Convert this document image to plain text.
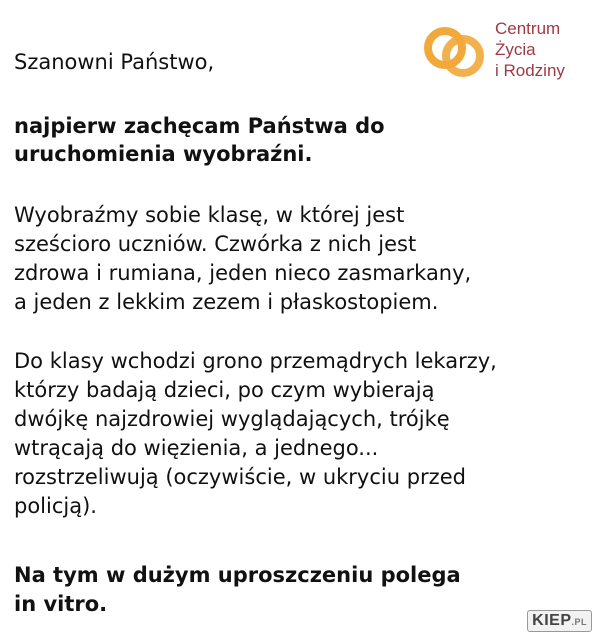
Centrum
Życia
i Rodziny

Szanowni Państwo,

najpierw zachęcam Państwa do

uruchomienia wyobraźni.

Wyobraźmy sobie klasę, w której jest

sześcioro uczniów. Czwórka z nich jest

zdrowa i rumiana, jeden nieco zasmarkany,

a jeden z lekkim zezem i płaskostopiem.

Do klasy wchodzi grono przemądrych lekarzy,

którzy badają dzieci, po czym wybierają

dwójkę najzdrowiej wyglądających, trójkę

wtrącają do więzienia, a jednego...

rozstrzeliwują (oczywiście, w ukryciu przed

policją).

Na tym w dużym uproszczeniu polega

in vitro.

KIEP.PL
